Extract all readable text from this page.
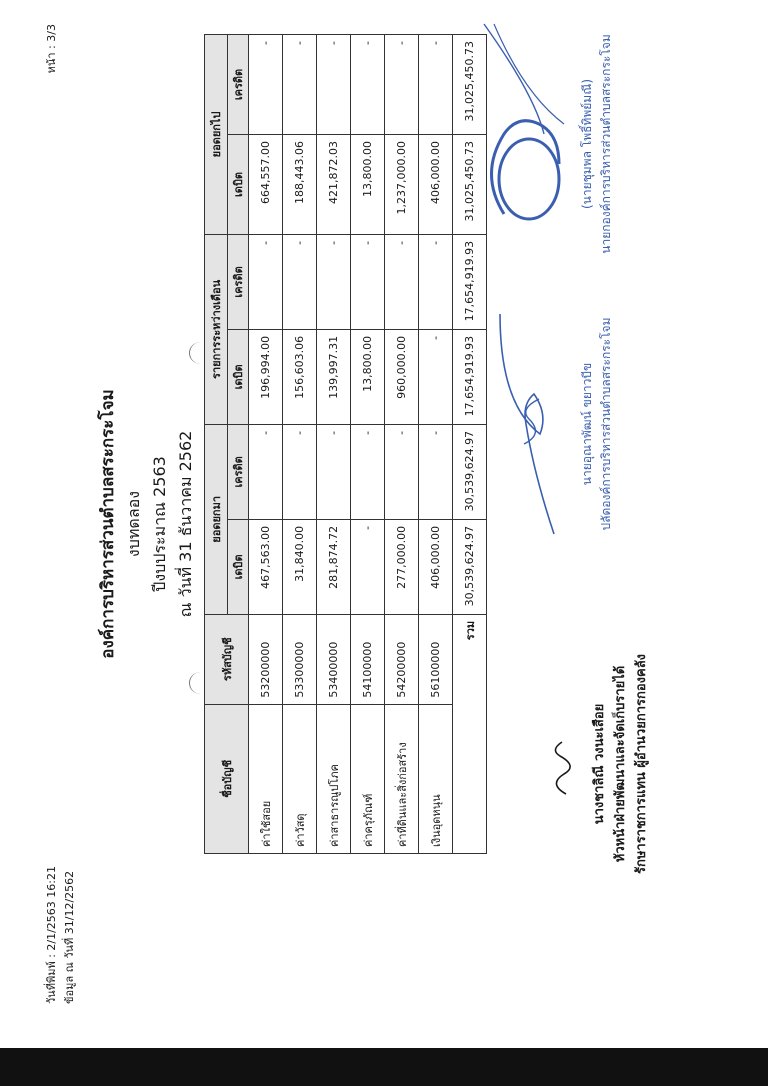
วันที่พิมพ์ : 2/1/2563 16:21 ข้อมูล ณ วันที่ 31/12/2562
หน้า : 3/3
องค์การบริหารส่วนตำบลสระกระโจม งบทดลอง ปีงบประมาณ 2563 ณ วันที่ 31 ธันวาคม 2562
ชื่อบัญชี	รหัสบัญชี	ยอดยกมา		รายการระหว่างเดือน		ยอดยกไป	
		เดบิต	เครดิต	เดบิต	เครดิต	เดบิต	เครดิต
ค่าใช้สอย	53200000	467,563.00	-	196,994.00	-	664,557.00	-
ค่าวัสดุ	53300000	31,840.00	-	156,603.06	-	188,443.06	-
ค่าสาธารณูปโภค	53400000	281,874.72	-	139,997.31	-	421,872.03	-
ค่าครุภัณฑ์	54100000	-	-	13,800.00	-	13,800.00	-
ค่าที่ดินและสิ่งก่อสร้าง	54200000	277,000.00	-	960,000.00	-	1,237,000.00	-
เงินอุดหนุน	56100000	406,000.00	-	-	-	406,000.00	-
รวม		30,539,624.97	30,539,624.97	17,654,919.93	17,654,919.93	31,025,450.73	31,025,450.73
นางชาลิณี วงนะเสือย หัวหน้าฝ่ายพัฒนาและจัดเก็บรายได้ รักษาราชการแทน ผู้อำนวยการกองคลัง
นายอุณาพัฒน์ ขยาวบีข ปลัดองค์การบริหารส่วนตำบลสระกระโจม
(นายชุมพล โพธิ์ทิพย์มณี) นายกองค์การบริหารส่วนตำบลสระกระโจม
